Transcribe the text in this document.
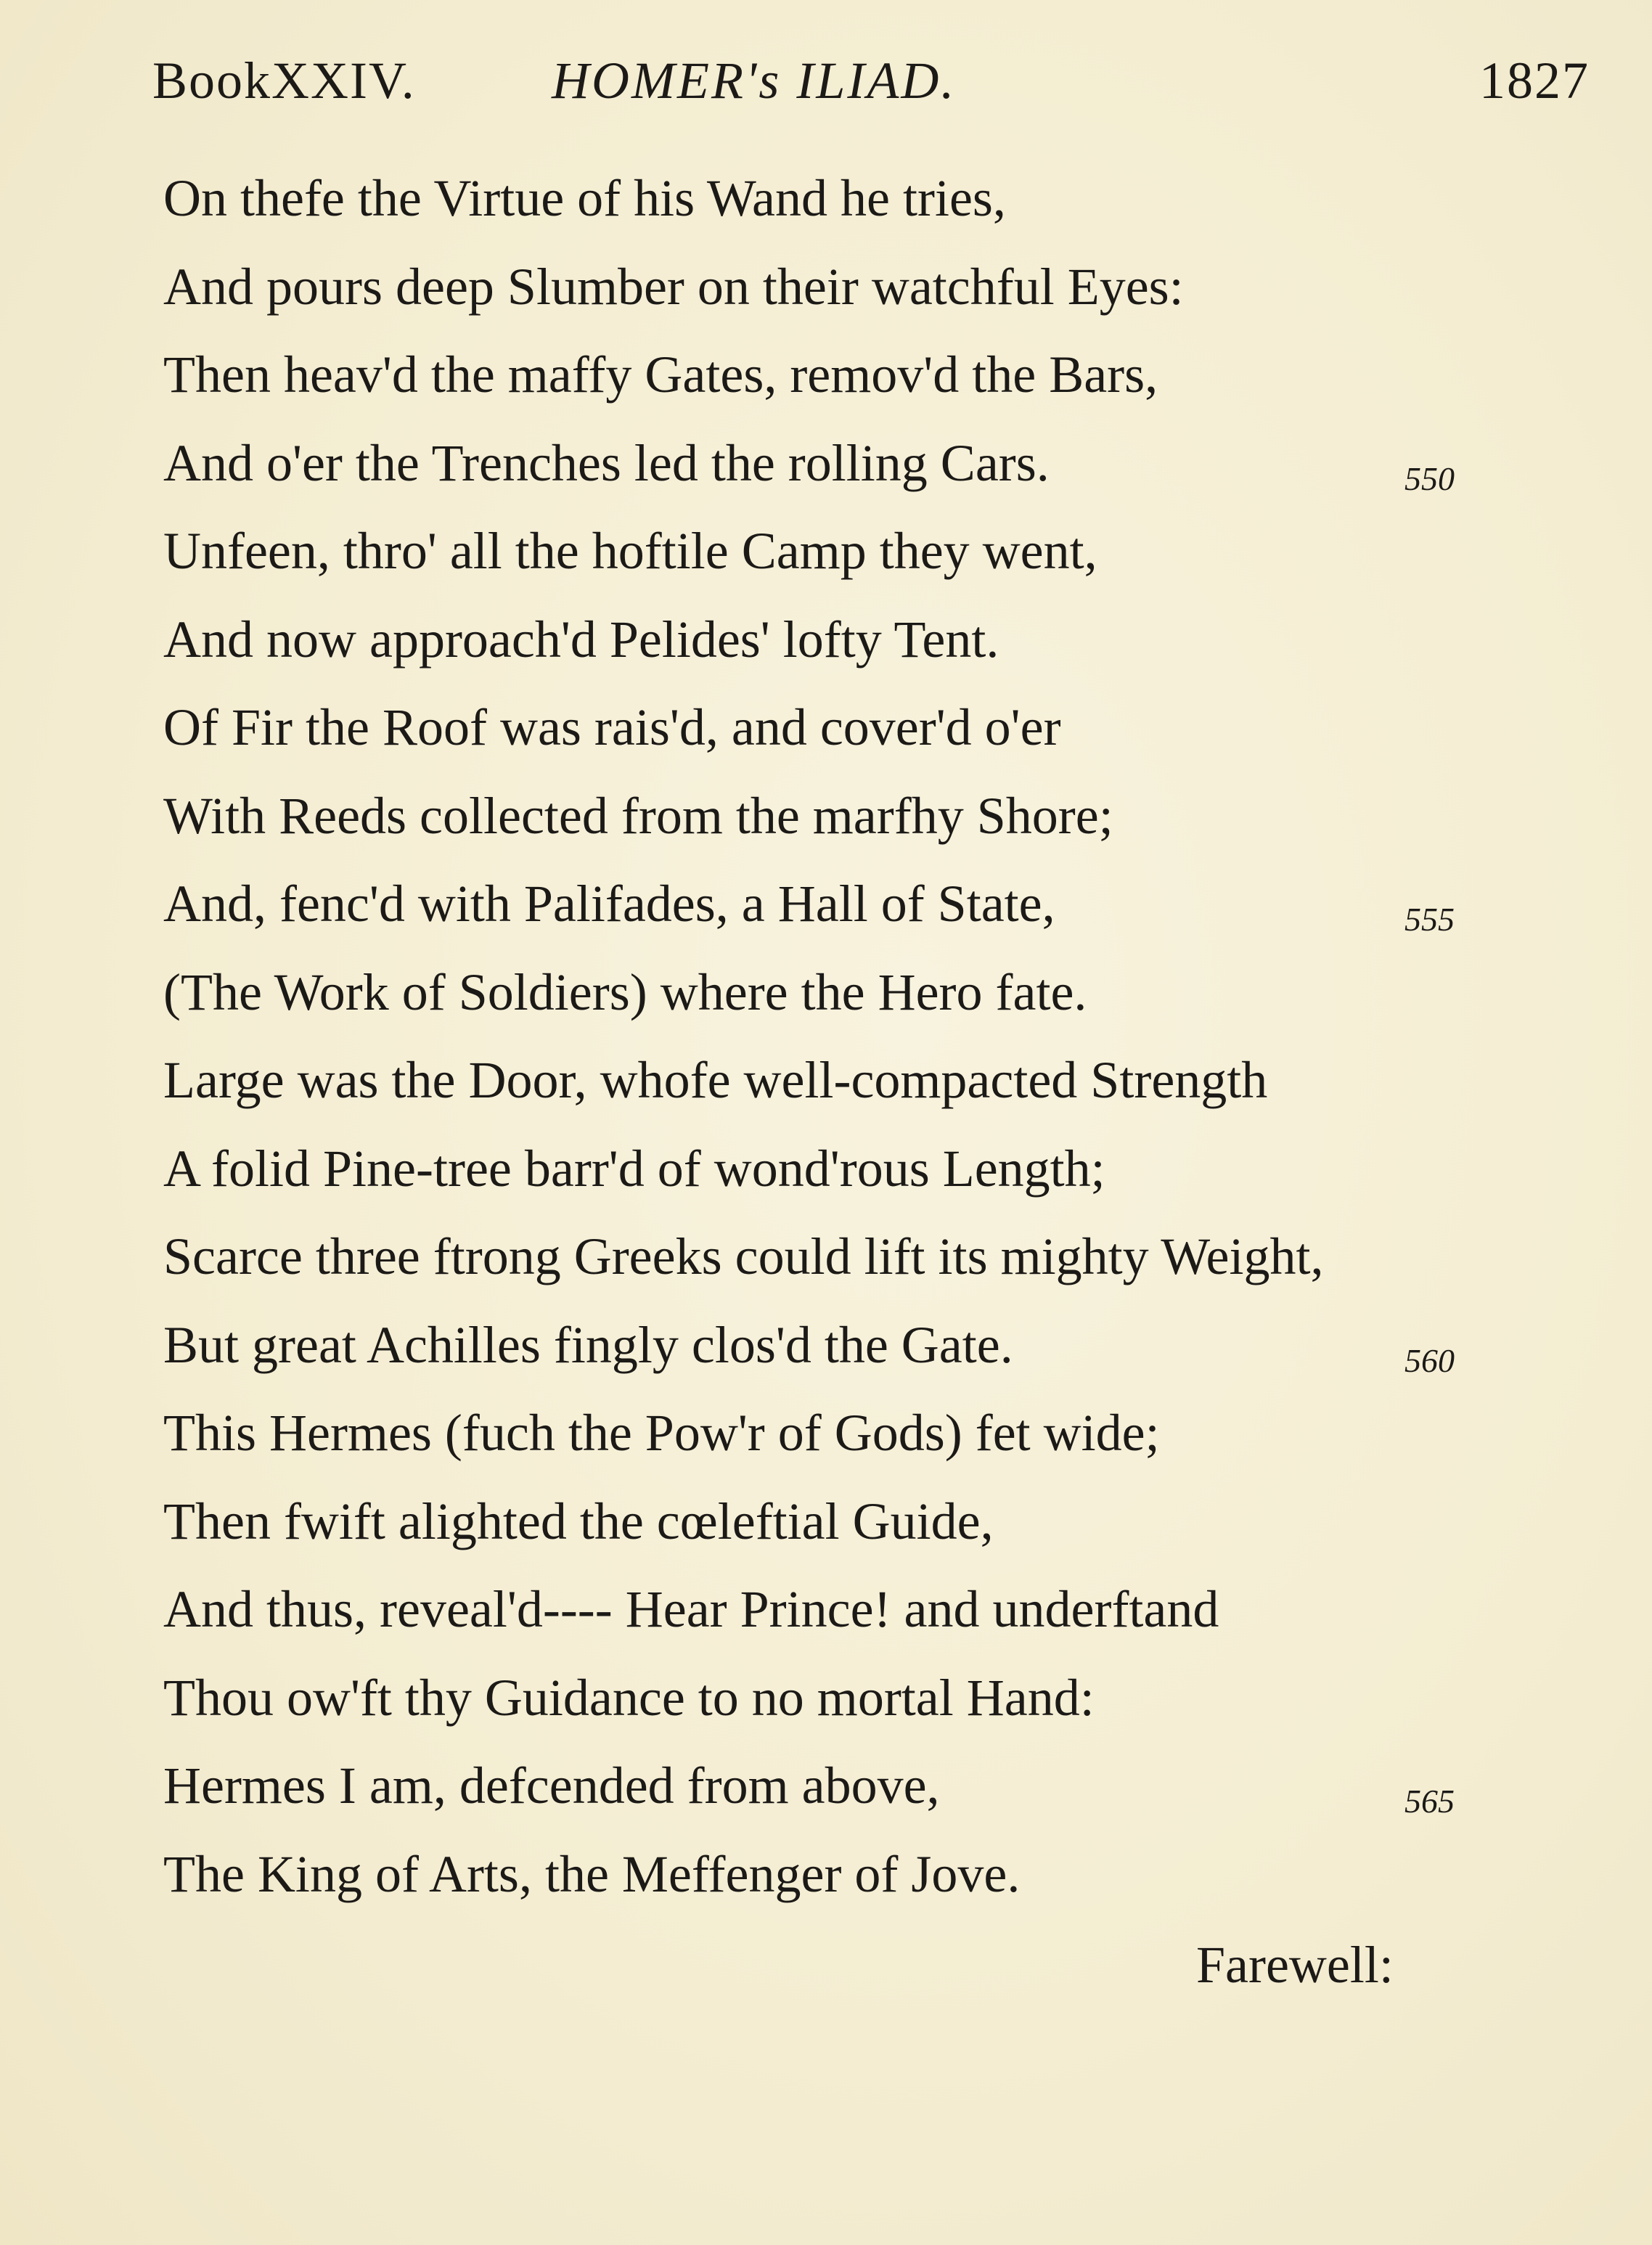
BookXXIV.	HOMER's ILIAD.	1827
On thefe the Virtue of his Wand he tries,
And pours deep Slumber on their watchful Eyes:
Then heav'd the maffy Gates, remov'd the Bars,
And o'er the Trenches led the rolling Cars.	550
Unfeen, thro' all the hoftile Camp they went,
And now approach'd Pelides' lofty Tent.
Of Fir the Roof was rais'd, and cover'd o'er
With Reeds collected from the marfhy Shore;
And, fenc'd with Palifades, a Hall of State,	555
(The Work of Soldiers) where the Hero fate.
Large was the Door, whofe well-compacted Strength
A folid Pine-tree barr'd of wond'rous Length;
Scarce three ftrong Greeks could lift its mighty Weight,
But great Achilles fingly clos'd the Gate.	560
This Hermes (fuch the Pow'r of Gods) fet wide;
Then fwift alighted the cœleftial Guide,
And thus, reveal'd---- Hear Prince! and underftand
Thou ow'ft thy Guidance to no mortal Hand:
Hermes I am, defcended from above,	565
The King of Arts, the Meffenger of Jove.
Farewell:
